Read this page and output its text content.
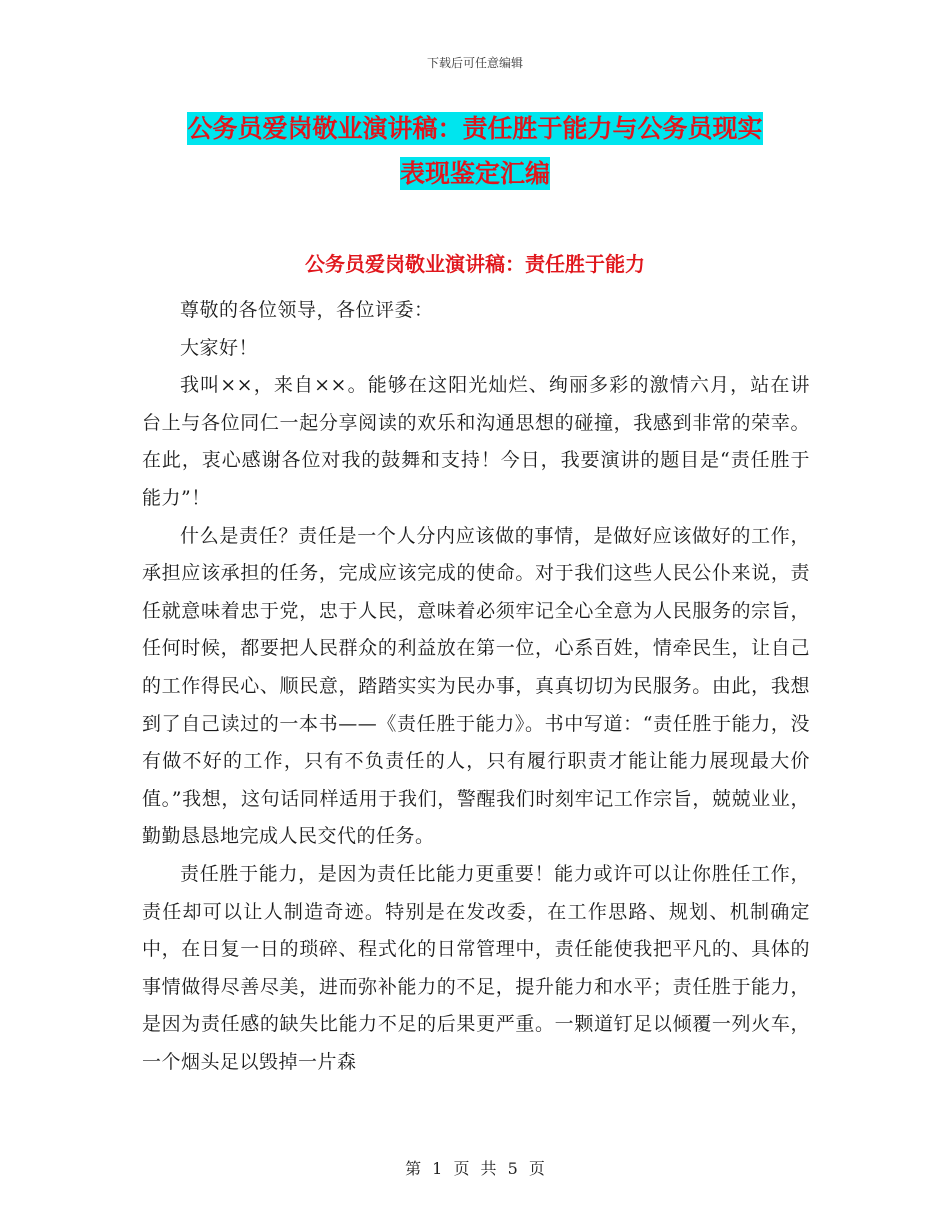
下载后可任意编辑
公务员爱岗敬业演讲稿：责任胜于能力与公务员现实
表现鉴定汇编
公务员爱岗敬业演讲稿：责任胜于能力

尊敬的各位领导，各位评委：

大家好！

我叫××，来自××。能够在这阳光灿烂、绚丽多彩的激情六月，站在讲台上与各位同仁一起分享阅读的欢乐和沟通思想的碰撞，我感到非常的荣幸。在此，衷心感谢各位对我的鼓舞和支持！今日，我要演讲的题目是“责任胜于能力”！

什么是责任？责任是一个人分内应该做的事情，是做好应该做好的工作，承担应该承担的任务，完成应该完成的使命。对于我们这些人民公仆来说，责任就意味着忠于党，忠于人民，意味着必须牢记全心全意为人民服务的宗旨，任何时候，都要把人民群众的利益放在第一位，心系百姓，情牵民生，让自己的工作得民心、顺民意，踏踏实实为民办事，真真切切为民服务。由此，我想到了自己读过的一本书——《责任胜于能力》。书中写道：“责任胜于能力，没有做不好的工作，只有不负责任的人，只有履行职责才能让能力展现最大价值。”我想，这句话同样适用于我们，警醒我们时刻牢记工作宗旨，兢兢业业，勤勤恳恳地完成人民交代的任务。

责任胜于能力，是因为责任比能力更重要！能力或许可以让你胜任工作，责任却可以让人制造奇迹。特别是在发改委，在工作思路、规划、机制确定中，在日复一日的琐碎、程式化的日常管理中，责任能使我把平凡的、具体的事情做得尽善尽美，进而弥补能力的不足，提升能力和水平；责任胜于能力，是因为责任感的缺失比能力不足的后果更严重。一颗道钉足以倾覆一列火车，一个烟头足以毁掉一片森

第 1 页 共 5 页
